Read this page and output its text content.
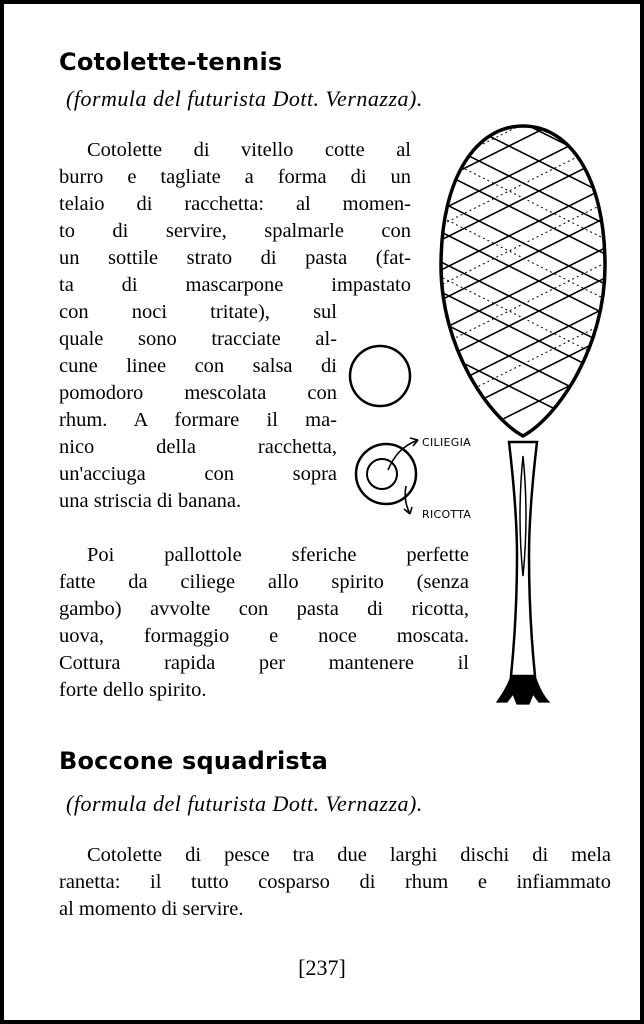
Cotolette-tennis

(formula del futurista Dott. Vernazza).

Cotolette di vitello cotte al
burro e tagliate a forma di un
telaio di racchetta: al momen-
to di servire, spalmarle con
un sottile strato di pasta (fat-
ta di mascarpone impastato
con noci tritate), sul
quale sono tracciate al-
cune linee con salsa di
pomodoro mescolata con
rhum. A formare il ma-
nico della racchetta,
un'acciuga con sopra
una striscia di banana.
Poi pallottole sferiche perfette
fatte da ciliege allo spirito (senza
gambo) avvolte con pasta di ricotta,
uova, formaggio e noce moscata.
Cottura rapida per mantenere il
forte dello spirito.
CILIEGIA
RICOTTA
Boccone squadrista

(formula del futurista Dott. Vernazza).

Cotolette di pesce tra due larghi dischi di mela
ranetta: il tutto cosparso di rhum e infiammato
al momento di servire.
[237]
